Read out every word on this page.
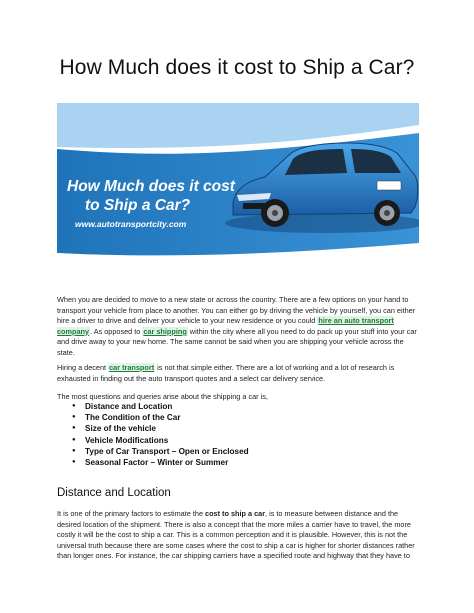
How Much does it cost to Ship a Car?
How Much does it cost
to Ship a Car?
www.autotransportcity.com

When you are decided to move to a new state or across the country. There are a few options on your hand to transport your vehicle from place to another. You can either go by driving the vehicle by yourself, you can either hire a driver to drive and deliver your vehicle to your new residence or you could hire an auto transport company. As opposed to car shipping within the city where all you need to do pack up your stuff into your car and drive away to your new home. The same cannot be said when you are shipping your vehicle across the state.

Hiring a decent car transport is not that simple either. There are a lot of working and a lot of research is exhausted in finding out the auto transport quotes and a select car delivery service.

The most questions and queries arise about the shipping a car is,

● Distance and Location
● The Condition of the Car
● Size of the vehicle
● Vehicle Modifications
● Type of Car Transport – Open or Enclosed
● Seasonal Factor – Winter or Summer
Distance and Location

It is one of the primary factors to estimate the cost to ship a car, is to measure between distance and the desired location of the shipment. There is also a concept that the more miles a carrier have to travel, the more costly it will be the cost to ship a car. This is a common perception and it is plausible. However, this is not the universal truth because there are some cases where the cost to ship a car is higher for shorter distances rather than longer ones. For instance, the car shipping carriers have a specified route and highway that they have to
